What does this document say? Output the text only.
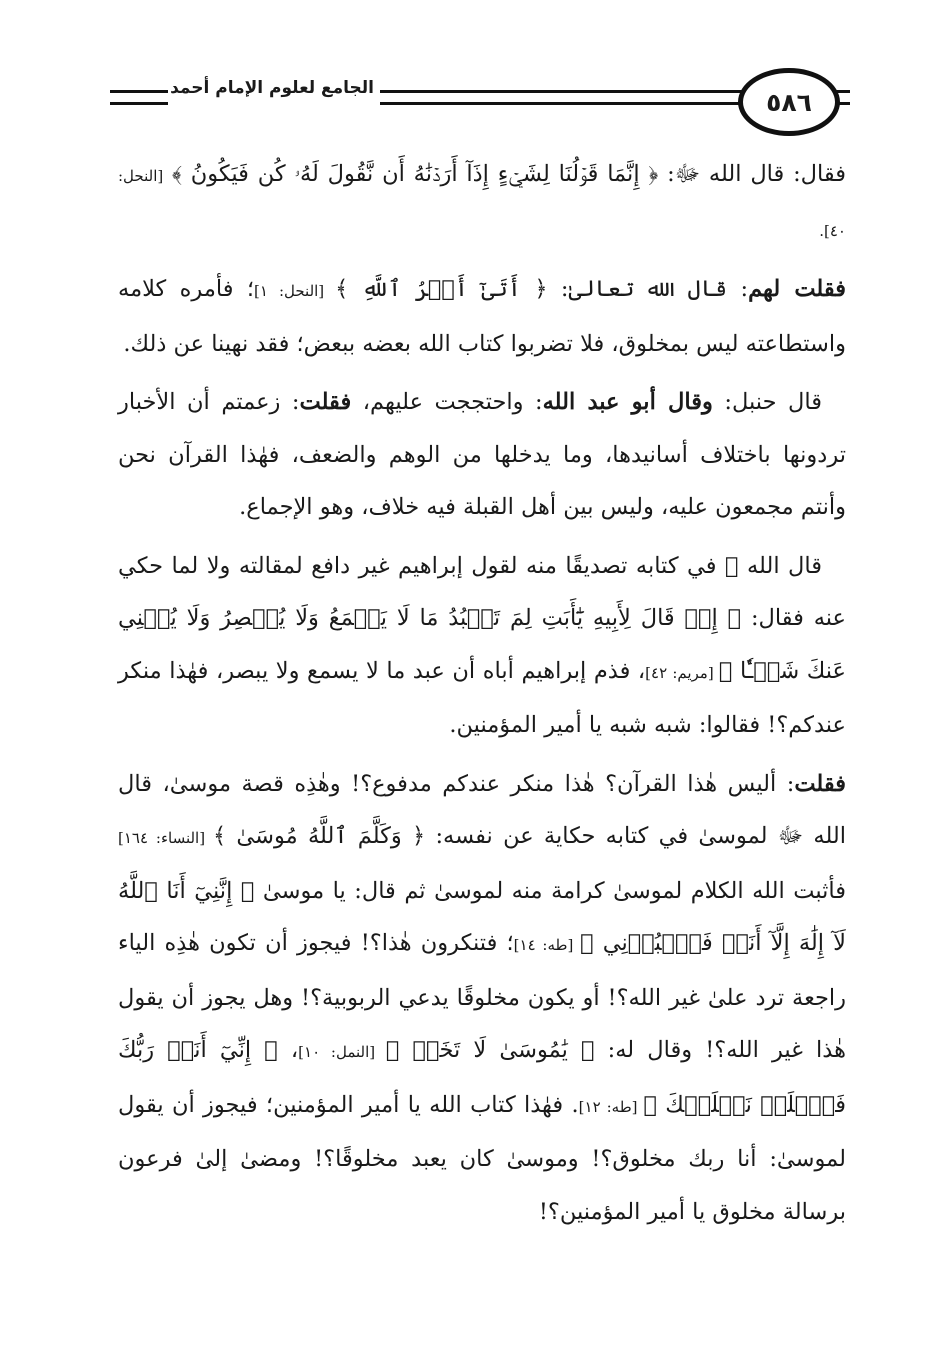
٥٨٦
الجامع لعلوم الإمام أحمد

فقال: قال الله ﷻ: ﴿ إِنَّمَا قَوۡلُنَا لِشَيۡءٍ إِذَآ أَرَدۡنَٰهُ أَن نَّقُولَ لَهُۥ كُن فَيَكُونُ ﴾ [النحل: ٤٠].

فقلت لهم: قال الله تعالىٰ: ﴿ أَتَىٰٓ أَمۡرُ ٱللَّهِ ﴾ [النحل: ١]؛ فأمره كلامه واستطاعته ليس بمخلوق، فلا تضربوا كتاب الله بعضه ببعض؛ فقد نهينا عن ذلك.

قال حنبل: وقال أبو عبد الله: واحتججت عليهم، فقلت: زعمتم أن الأخبار تردونها باختلاف أسانيدها، وما يدخلها من الوهم والضعف، فهٰذا القرآن نحن وأنتم مجمعون عليه، وليس بين أهل القبلة فيه خلاف، وهو الإجماع.

قال الله ﷻ في كتابه تصديقًا منه لقول إبراهيم غير دافع لمقالته ولا لما حكي عنه فقال: ﴿ إِذۡ قَالَ لِأَبِيهِ يَٰٓأَبَتِ لِمَ تَعۡبُدُ مَا لَا يَسۡمَعُ وَلَا يُبۡصِرُ وَلَا يُغۡنِي عَنكَ شَيۡـٔٗا ﴾ [مريم: ٤٢]، فذم إبراهيم أباه أن عبد ما لا يسمع ولا يبصر، فهٰذا منكر عندكم؟! فقالوا: شبه شبه يا أمير المؤمنين.

فقلت: أليس هٰذا القرآن؟ هٰذا منكر عندكم مدفوع؟! وهٰذِه قصة موسىٰ، قال الله ﷻ لموسىٰ في كتابه حكاية عن نفسه: ﴿ وَكَلَّمَ ٱللَّهُ مُوسَىٰ ﴾ [النساء: ١٦٤] فأثبت الله الكلام لموسىٰ كرامة منه لموسىٰ ثم قال: يا موسىٰ ﴿ إِنَّنِيٓ أَنَا ٱللَّهُ لَآ إِلَٰهَ إِلَّآ أَنَا۠ فَٱعۡبُدۡنِي ﴾ [طه: ١٤]؛ فتنكرون هٰذا؟! فيجوز أن تكون هٰذِه الياء راجعة ترد علىٰ غير الله؟! أو يكون مخلوقًا يدعي الربوبية؟! وهل يجوز أن يقول هٰذا غير الله؟! وقال له: ﴿ يَٰمُوسَىٰ لَا تَخَفۡ ﴾ [النمل: ١٠]، ﴿ إِنِّيٓ أَنَا۠ رَبُّكَ فَٱخۡلَعۡ نَعۡلَيۡكَ ﴾ [طه: ١٢]. فهٰذا كتاب الله يا أمير المؤمنين؛ فيجوز أن يقول لموسىٰ: أنا ربك مخلوق؟! وموسىٰ كان يعبد مخلوقًا؟! ومضىٰ إلىٰ فرعون برسالة مخلوق يا أمير المؤمنين؟!
